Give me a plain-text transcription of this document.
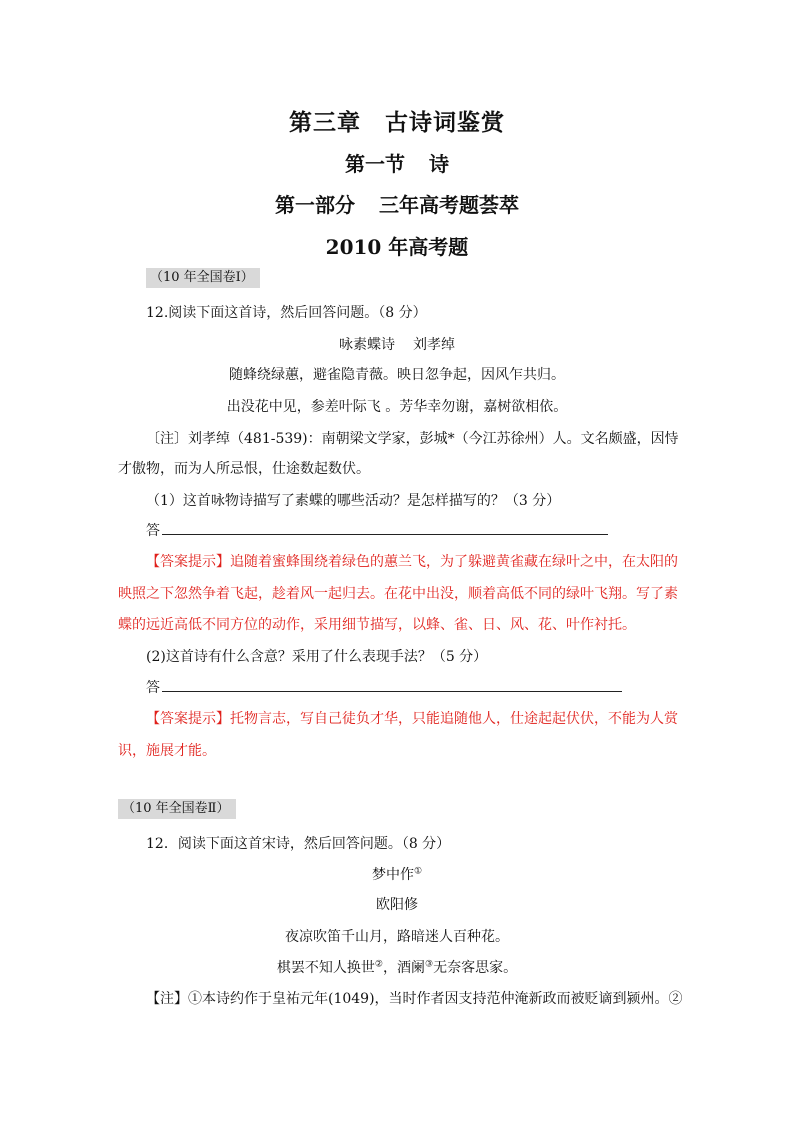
第三章 古诗词鉴赏
第一节 诗
第一部分 三年高考题荟萃
2010 年高考题
（10 年全国卷Ⅰ）
12.阅读下面这首诗，然后回答问题。（8 分）
咏素蝶诗 刘孝绰
随蜂绕绿蕙，避雀隐青薇。映日忽争起，因风乍共归。
出没花中见，参差叶际飞 。芳华幸勿谢，嘉树欲相依。
〔注〕刘孝绰（481-539)：南朝梁文学家，彭城*（今江苏徐州）人。文名颇盛，因恃
才傲物，而为人所忌恨，仕途数起数伏。
（1）这首咏物诗描写了素蝶的哪些活动？是怎样描写的？（3 分）
答
【答案提示】追随着蜜蜂围绕着绿色的蕙兰飞，为了躲避黄雀藏在绿叶之中，在太阳的
映照之下忽然争着飞起，趁着风一起归去。在花中出没，顺着高低不同的绿叶飞翔。写了素
蝶的远近高低不同方位的动作，采用细节描写，以蜂、雀、日、风、花、叶作衬托。
(2)这首诗有什么含意？采用了什么表现手法？（5 分）
答
【答案提示】托物言志，写自己徒负才华，只能追随他人，仕途起起伏伏，不能为人赏
识，施展才能。
（10 年全国卷Ⅱ）
12．阅读下面这首宋诗，然后回答问题。（8 分）
梦中作①
欧阳修
夜凉吹笛千山月，路暗迷人百种花。
棋罢不知人换世②，酒阑③无奈客思家。
【注】①本诗约作于皇祐元年(1049)，当时作者因支持范仲淹新政而被贬谪到颍州。②
